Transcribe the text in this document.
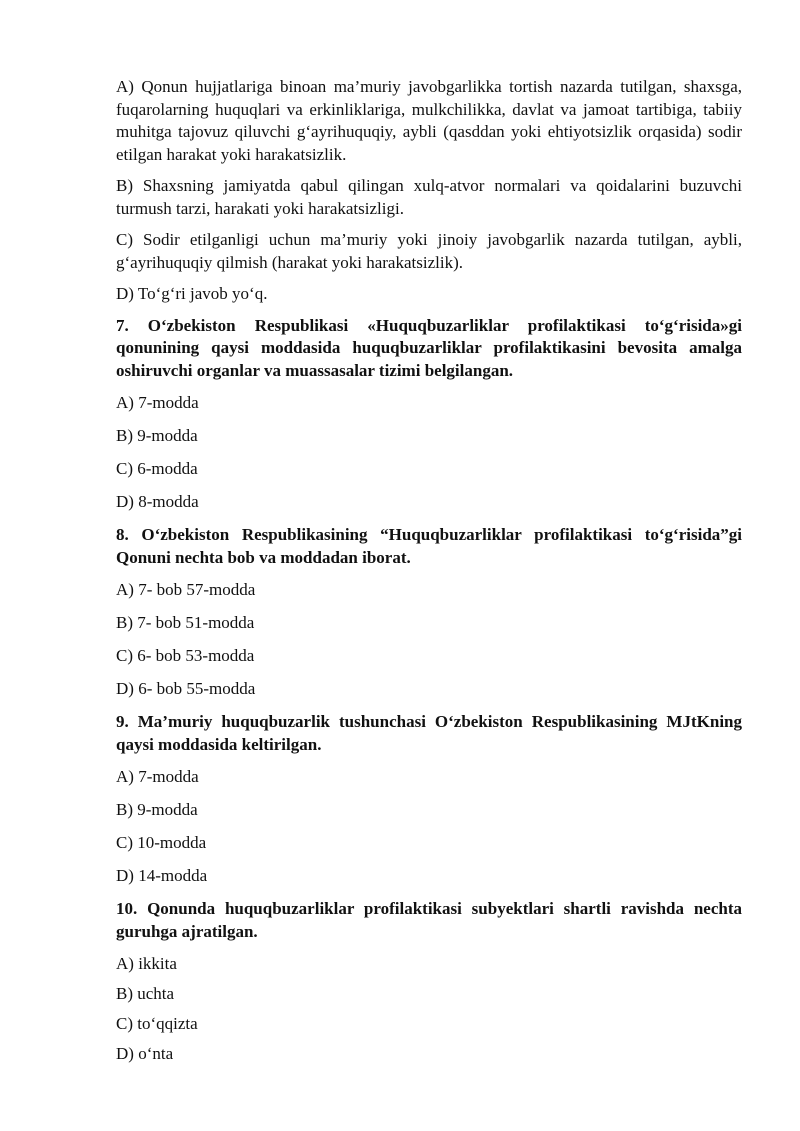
A) Qonun hujjatlariga binoan ma’muriy javobgarlikka tortish nazarda tutilgan, shaxsga, fuqarolarning huquqlari va erkinliklariga, mulkchilikka, davlat va jamoat tartibiga, tabiiy muhitga tajovuz qiluvchi g‘ayrihuquqiy, aybli (qasddan yoki ehtiyotsizlik orqasida) sodir etilgan harakat yoki harakatsizlik.

B) Shaxsning jamiyatda qabul qilingan xulq-atvor normalari va qoidalarini buzuvchi turmush tarzi, harakati yoki harakatsizligi.

C) Sodir etilganligi uchun ma’muriy yoki jinoiy javobgarlik nazarda tutilgan, aybli, g‘ayrihuquqiy qilmish (harakat yoki harakatsizlik).

D) To‘g‘ri javob yo‘q.

7. O‘zbekiston Respublikasi «Huquqbuzarliklar profilaktikasi to‘g‘risida»gi qonunining qaysi moddasida huquqbuzarliklar profilaktikasini bevosita amalga oshiruvchi organlar va muassasalar tizimi belgilangan.

A) 7-modda

B) 9-modda

C) 6-modda

D) 8-modda

8. O‘zbekiston Respublikasining “Huquqbuzarliklar profilaktikasi to‘g‘risida”gi Qonuni nechta bob va moddadan iborat.

A) 7- bob 57-modda

B) 7- bob 51-modda

C) 6- bob 53-modda

D) 6- bob 55-modda

9. Ma’muriy huquqbuzarlik tushunchasi O‘zbekiston Respublikasining MJtKning qaysi moddasida keltirilgan.

A) 7-modda

B) 9-modda

C) 10-modda

D) 14-modda

10. Qonunda huquqbuzarliklar profilaktikasi subyektlari shartli ravishda nechta guruhga ajratilgan.

A) ikkita

B) uchta

C) to‘qqizta

D) o‘nta
